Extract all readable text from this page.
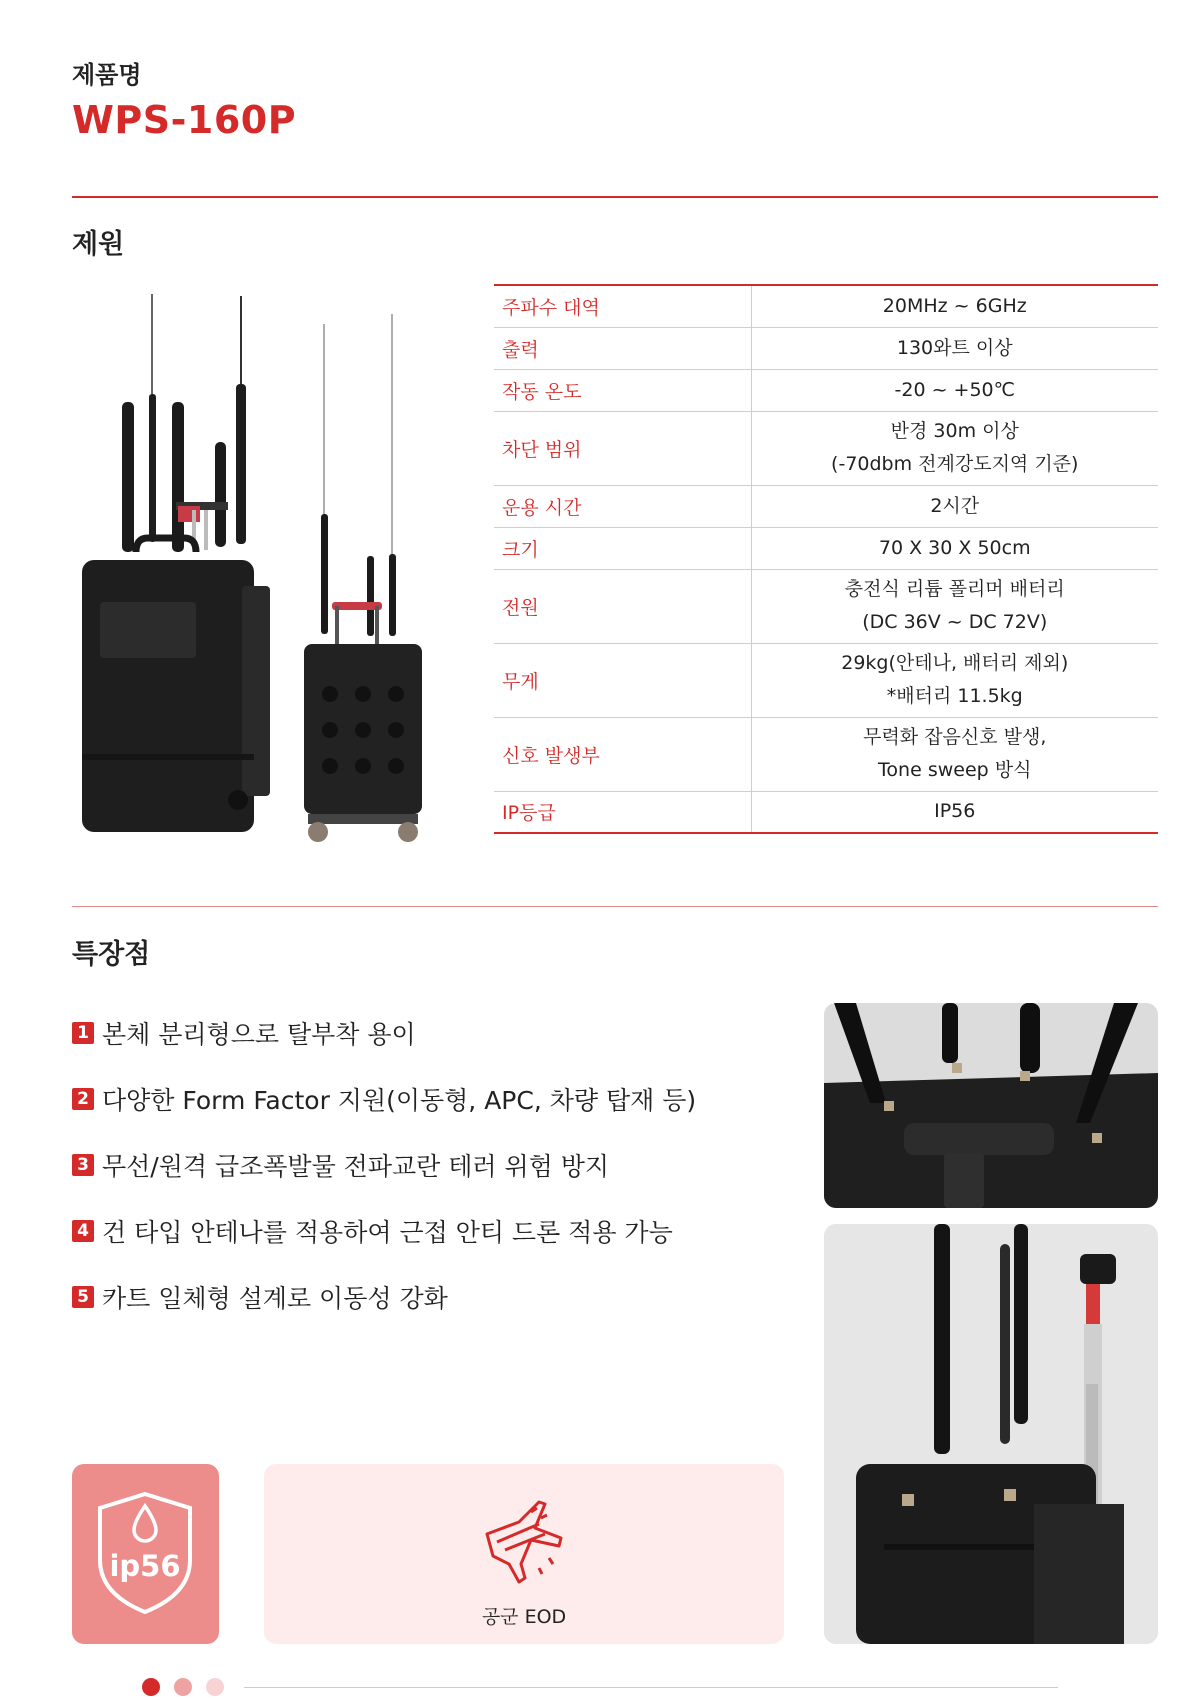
제품명
WPS-160P
제원
주파수 대역	20MHz ~ 6GHz

출력	130와트 이상

작동 온도	-20 ~ +50℃

차단 범위	반경 30m 이상
(-70dbm 전계강도지역 기준)

운용 시간	2시간

크기	70 X 30 X 50cm

전원	충전식 리튬 폴리머 배터리
(DC 36V ~ DC 72V)

무게	29kg(안테나, 배터리 제외)
*배터리 11.5kg

신호 발생부	무력화 잡음신호 발생,
Tone sweep 방식

IP등급	IP56
특장점
1 본체 분리형으로 탈부착 용이
2 다양한 Form Factor 지원(이동형, APC, 차량 탑재 등)
3 무선/원격 급조폭발물 전파교란 테러 위험 방지
4 건 타입 안테나를 적용하여 근접 안티 드론 적용 가능
5 카트 일체형 설계로 이동성 강화
ip56
공군 EOD
